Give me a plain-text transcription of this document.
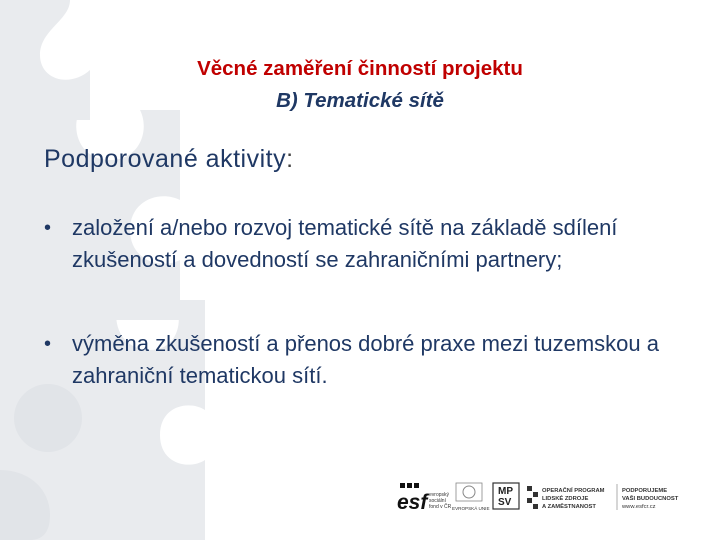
Věcné zaměření činností projektu
B) Tematické sítě
Podporované aktivity:
• založení a/nebo rozvoj tematické sítě na základě sdílení zkušeností a dovedností se zahraničními partnery;
• výměna zkušeností a přenos dobré praxe mezi tuzemskou a zahraniční tematickou sítí.
esf evropský
sociální
fond v ČR EVROPSKÁ UNIE
MP
SV
OPERAČNÍ PROGRAM
LIDSKÉ ZDROJE
A ZAMĚSTNANOST
PODPORUJEME
VAŠI BUDOUCNOST
www.esfcr.cz
